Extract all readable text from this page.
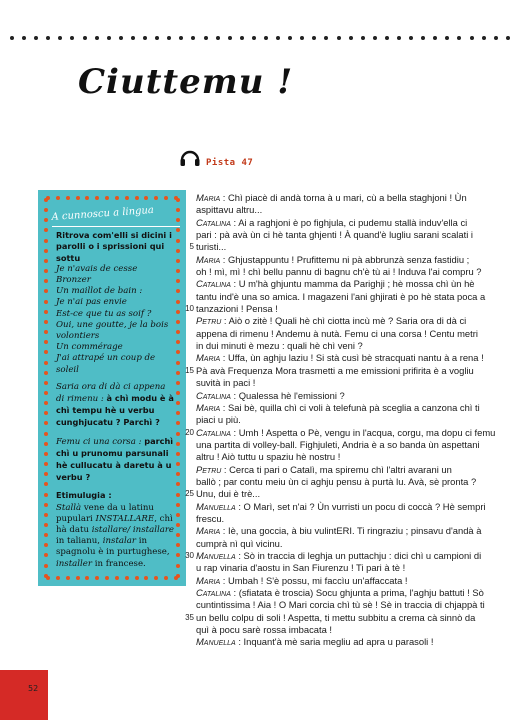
Ciuttemu !
Pista 47
A cunnoscu a lingua
Ritrova com'elli si dicini i parolli o i sprissioni qui sottu
Je n'avais de cesse
Bronzer
Un maillot de bain :
Je n'ai pas envie
Est-ce que tu as soif ?
Oui, une goutte, je la bois volontiers
Un commérage
J'ai attrapé un coup de soleil
Saria ora di dà ci appena di rimenu : à chì modu è à chì tempu hè u verbu cunghjucatu ? Parchì ?
Femu ci una corsa : parchì chì u prunomu parsunali hè cullucatu à daretu à u verbu ?
Etimulugia :
Stallà vene da u latinu pupulari INSTALLARE, chì hà datu istallare/ installare in talianu, instalar in spagnolu è in purtughese, installer in francese.
Maria : Chì piacè di andà torna à u mari, cù a bella staghjoni ! Ùn
aspittavu altru...
Catalina : Ai a raghjoni è po fighjula, ci pudemu stallà induv'ella ci
pari : pà avà ùn ci hè tanta ghjenti ! À quand'è lugliu sarani scalati i
5 turisti...
Maria : Ghjustappuntu ! Prufittemu ni pà abbrunzà senza fastidiu ;
oh ! mì, mì ! chì bellu pannu di bagnu ch'è tù ai ! Induva l'ai compru ?
Catalina : U m'hà ghjuntu mamma da Parighji ; hè mossa chì ùn hè
tantu ind'è una so amica. I magazeni l'ani ghjirati è po hè stata poca a
10 tanzazioni ! Pensa !
Petru : Aiò o zitè ! Quali hè chì ciotta incù mè ? Saria ora di dà ci
appena di rimenu ! Andemu à nutà. Femu ci una corsa ! Centu metri
in dui minuti è mezu : quali hè chì veni ?
Maria : Uffa, ùn aghju laziu ! Si stà cusì bè stracquati nantu à a rena !
15 Pà avà Frequenza Mora trasmetti a me emissioni prifirita è a vogliu
suvità in paci !
Catalina : Qualessa hè l'emissioni ?
Maria : Sai bè, quilla chì ci voli à telefunà pà sceglia a canzona chì ti
piaci u più.
20 Catalina : Umh ! Aspetta o Pè, vengu in l'acqua, corgu, ma dopu ci femu
una partita di volley-ball. Fighjuleti, Andria è a so banda ùn aspettani
altru ! Aiò tuttu u spaziu hè nostru !
Petru : Cerca ti pari o Catalì, ma spiremu chì l'altri avarani un
ballò ; par contu meiu ùn ci aghju pensu à purtà lu. Avà, sè pronta ?
25 Unu, dui è trè...
Manuella : O Marì, set n'ai ? Ùn vurristi un pocu di coccà ? Hè sempri
frescu.
Maria : Iè, una goccia, à biu vulintERI. Ti ringraziu ; pinsavu d'andà à
cumprà nì quì vicinu.
30 Manuella : Sò in traccia di leghja un puttachju : dici chì u campioni di
u rap vinaria d'aostu in San Fiurenzu ! Ti pari à tè !
Maria : Umbah ! S'è possu, mi faccìu un'affaccata !
Catalina : (sfiatata è troscia) Socu ghjunta a prima, l'aghju battuti ! Sò
cuntintissima ! Aia ! O Mari corcia chì tù sè ! Sè in traccia di chjappà ti
35 un bellu colpu di soli ! Aspetta, ti mettu subbitu a crema cà sinnò da
quì à pocu sarè rossa imbacata !
Manuella : Inquant'à mè saria megliu ad apra u parasoli !
52
